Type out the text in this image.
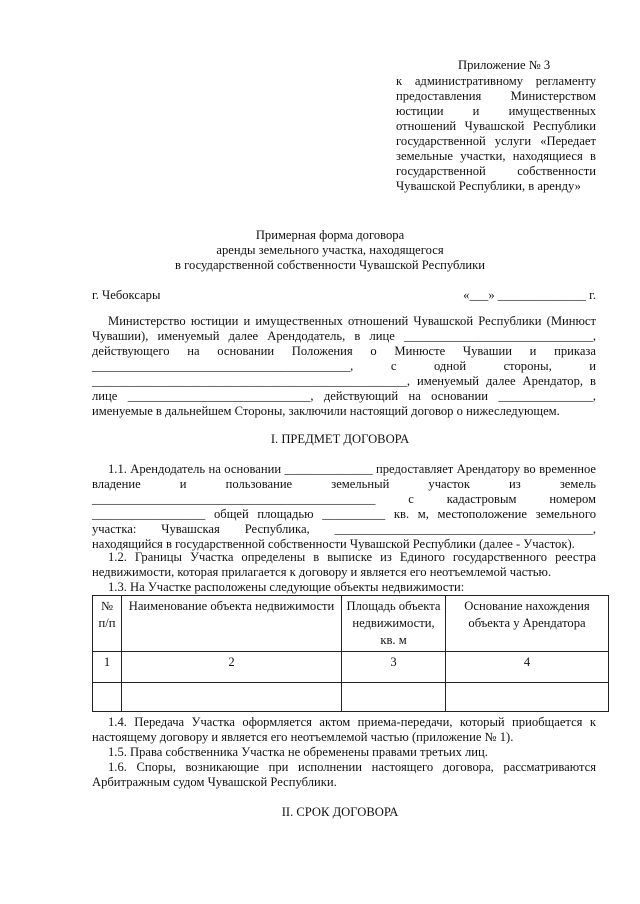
Приложение № 3
к административному регламенту предоставления Министерством юстиции и имущественных отношений Чувашской Республики государственной услуги «Передает земельные участки, находящиеся в государственной собственности Чувашской Республики, в аренду»
Примерная форма договора
аренды земельного участка, находящегося
в государственной собственности Чувашской Республики
г. Чебоксары	«___» ______________ г.
Министерство юстиции и имущественных отношений Чувашской Республики (Минюст Чувашии), именуемый далее Арендодатель, в лице ______________________________, действующего на основании Положения о Минюсте Чувашии и приказа _________________________________________, с одной стороны, и __________________________________________________, именуемый далее Арендатор, в лице _____________________________, действующий на основании _______________, именуемые в дальнейшем Стороны, заключили настоящий договор о нижеследующем.
I. ПРЕДМЕТ ДОГОВОРА
1.1. Арендодатель на основании ______________ предоставляет Арендатору во временное владение и пользование земельный участок из земель _____________________________________________ с кадастровым номером __________________ общей площадью __________ кв. м, местоположение земельного участка: Чувашская Республика, _________________________________________, находящийся в государственной собственности Чувашской Республики (далее - Участок).
1.2. Границы Участка определены в выписке из Единого государственного реестра недвижимости, которая прилагается к договору и является его неотъемлемой частью.
1.3. На Участке расположены следующие объекты недвижимости:
№ п/п	Наименование объекта недвижимости	Площадь объекта недвижимости, кв. м	Основание нахождения объекта у Арендатора
1	2	3	4

1.4. Передача Участка оформляется актом приема-передачи, который приобщается к настоящему договору и является его неотъемлемой частью (приложение № 1).
1.5. Права собственника Участка не обременены правами третьих лиц.
1.6. Споры, возникающие при исполнении настоящего договора, рассматриваются Арбитражным судом Чувашской Республики.
II. СРОК ДОГОВОРА
